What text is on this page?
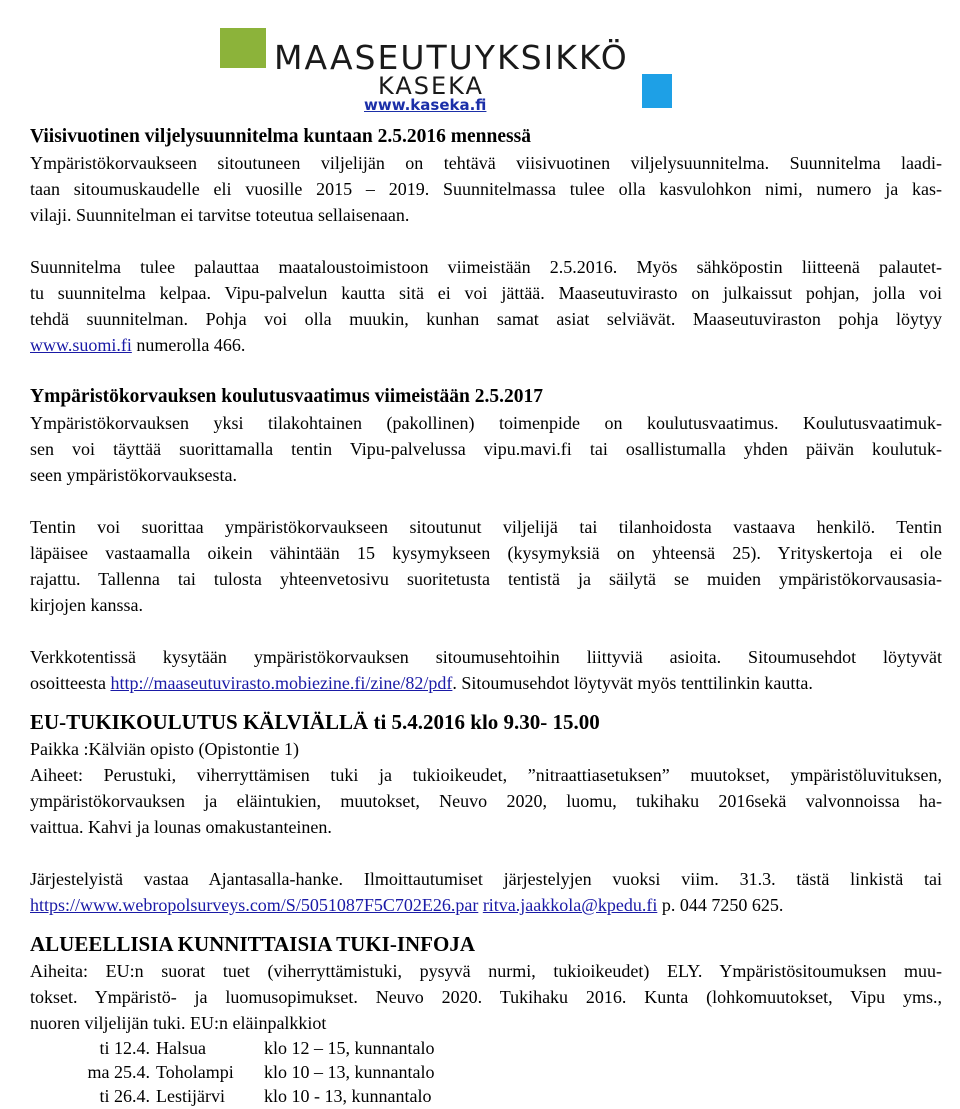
MAASEUTUYKSIKKÖ
KASEKA
www.kaseka.fi
Viisivuotinen viljelysuunnitelma kuntaan 2.5.2016 mennessä

Ympäristökorvaukseen sitoutuneen viljelijän on tehtävä viisivuotinen viljelysuunnitelma. Suunnitelma laadi-
taan sitoumuskaudelle eli vuosille 2015 – 2019. Suunnitelmassa tulee olla kasvulohkon nimi, numero ja kas-
vilaji. Suunnitelman ei tarvitse toteutua sellaisenaan.

Suunnitelma tulee palauttaa maataloustoimistoon viimeistään 2.5.2016. Myös sähköpostin liitteenä palautet-
tu suunnitelma kelpaa. Vipu-palvelun kautta sitä ei voi jättää. Maaseutuvirasto on julkaissut pohjan, jolla voi
tehdä suunnitelman. Pohja voi olla muukin, kunhan samat asiat selviävät. Maaseutuviraston pohja löytyy
www.suomi.fi numerolla 466.

Ympäristökorvauksen koulutusvaatimus viimeistään 2.5.2017

Ympäristökorvauksen yksi tilakohtainen (pakollinen) toimenpide on koulutusvaatimus. Koulutusvaatimuk-
sen voi täyttää suorittamalla tentin Vipu-palvelussa vipu.mavi.fi tai osallistumalla yhden päivän koulutuk-
seen ympäristökorvauksesta.

Tentin voi suorittaa ympäristökorvaukseen sitoutunut viljelijä tai tilanhoidosta vastaava henkilö. Tentin
läpäisee vastaamalla oikein vähintään 15 kysymykseen (kysymyksiä on yhteensä 25). Yrityskertoja ei ole
rajattu. Tallenna tai tulosta yhteenvetosivu suoritetusta tentistä ja säilytä se muiden ympäristökorvausasia-
kirjojen kanssa.

Verkkotentissä kysytään ympäristökorvauksen sitoumusehtoihin liittyviä asioita. Sitoumusehdot löytyvät
osoitteesta http://maaseutuvirasto.mobiezine.fi/zine/82/pdf. Sitoumusehdot löytyvät myös tenttilinkin kautta.

EU-TUKIKOULUTUS KÄLVIÄLLÄ ti 5.4.2016 klo 9.30- 15.00

Paikka :Kälviän opisto (Opistontie 1)
Aiheet: Perustuki, viherryttämisen tuki ja tukioikeudet, ”nitraattiasetuksen” muutokset, ympäristöluvituksen,
ympäristökorvauksen ja eläintukien, muutokset, Neuvo 2020, luomu, tukihaku 2016sekä valvonnoissa ha-
vaittua. Kahvi ja lounas omakustanteinen.

Järjestelyistä vastaa Ajantasalla-hanke. Ilmoittautumiset järjestelyjen vuoksi viim. 31.3. tästä linkistä tai
https://www.webropolsurveys.com/S/5051087F5C702E26.par ritva.jaakkola@kpedu.fi p. 044 7250 625.

ALUEELLISIA KUNNITTAISIA TUKI-INFOJA

Aiheita: EU:n suorat tuet (viherryttämistuki, pysyvä nurmi, tukioikeudet) ELY. Ympäristösitoumuksen muu-
tokset. Ympäristö- ja luomusopimukset. Neuvo 2020. Tukihaku 2016. Kunta (lohkomuutokset, Vipu yms.,
nuoren viljelijän tuki. EU:n eläinpalkkiot

ti 12.4.	Halsua	klo 12 – 15, kunnantalo
ma 25.4.	Toholampi	klo 10 – 13, kunnantalo
ti 26.4.	Lestijärvi	klo 10 - 13, kunnantalo
